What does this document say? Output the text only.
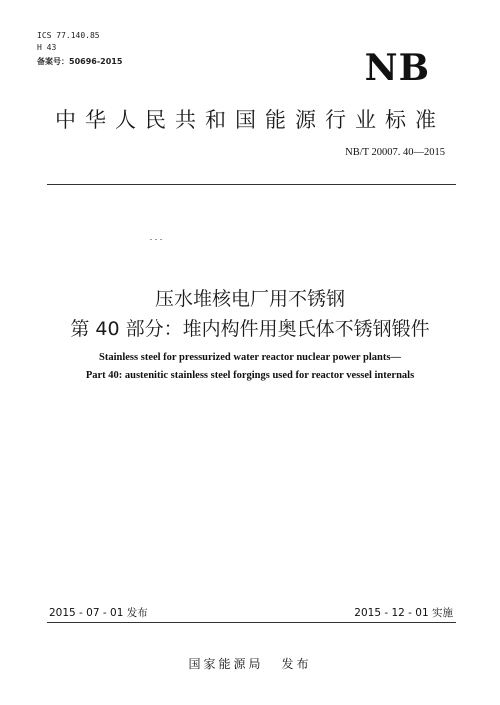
ICS 77.140.85
H 43
备案号：50696-2015	NB
中华人民共和国能源行业标准
NB/T 20007. 40—2015
压水堆核电厂用不锈钢
第 40 部分：堆内构件用奥氏体不锈钢锻件
Stainless steel for pressurized water reactor nuclear power plants—
Part 40: austenitic stainless steel forgings used for reactor vessel internals
2015 - 07 - 01 发布	2015 - 12 - 01 实施
国家能源局 发布
